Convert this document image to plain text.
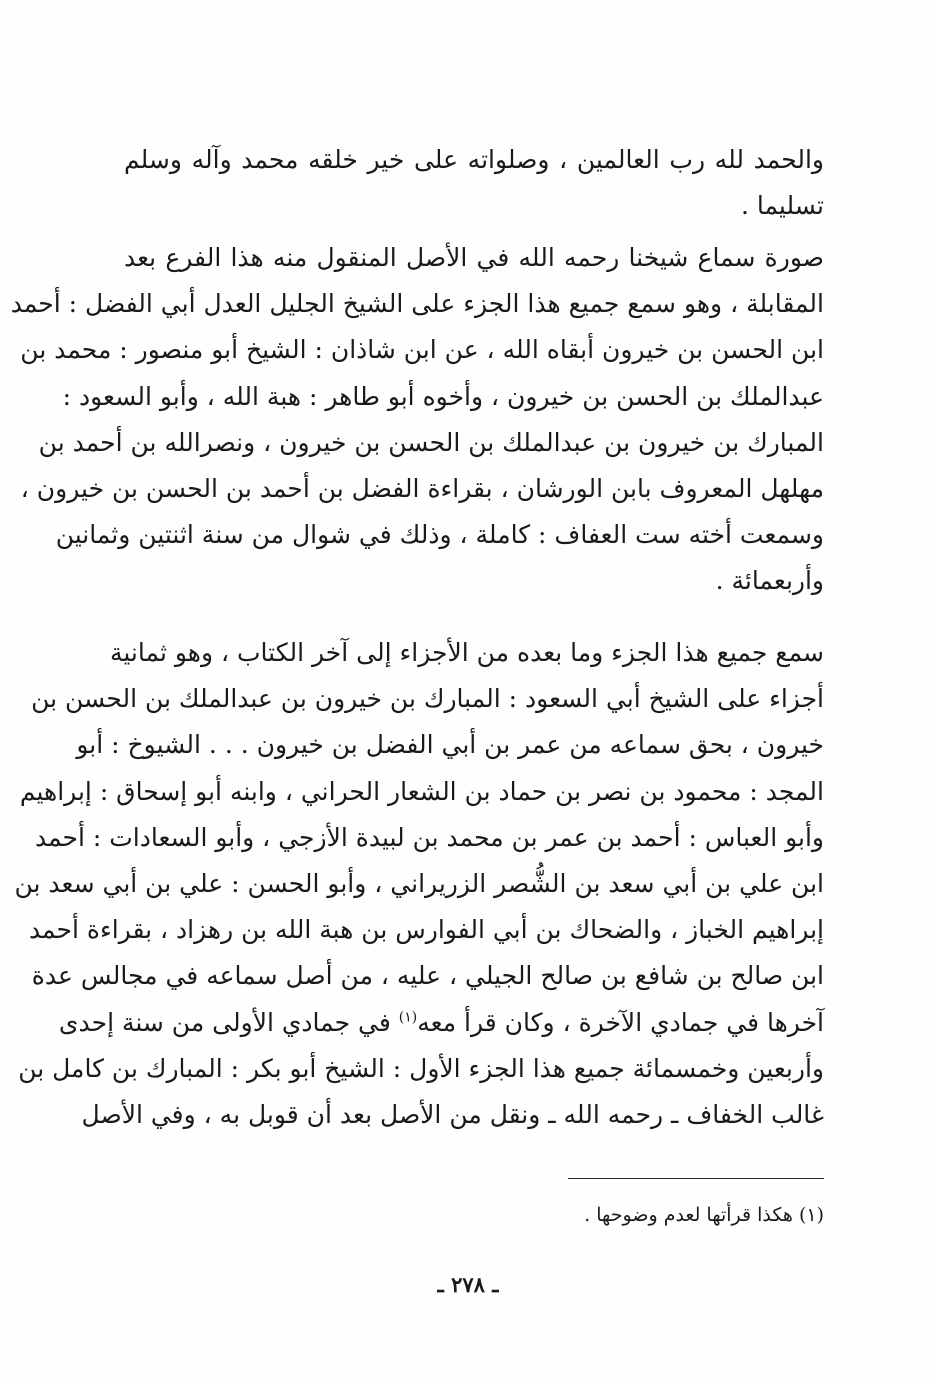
والحمد لله رب العالمين ، وصلواته على خير خلقه محمد وآله وسلم
تسليما .
صورة سماع شيخنا رحمه الله في الأصل المنقول منه هذا الفرع بعد
المقابلة ، وهو سمع جميع هذا الجزء على الشيخ الجليل العدل أبي الفضل : أحمد
ابن الحسن بن خيرون أبقاه الله ، عن ابن شاذان : الشيخ أبو منصور : محمد بن
عبدالملك بن الحسن بن خيرون ، وأخوه أبو طاهر : هبة الله ، وأبو السعود :
المبارك بن خيرون بن عبدالملك بن الحسن بن خيرون ، ونصرالله بن أحمد بن
مهلهل المعروف بابن الورشان ، بقراءة الفضل بن أحمد بن الحسن بن خيرون ،
وسمعت أخته ست العفاف : كاملة ، وذلك في شوال من سنة اثنتين وثمانين
وأربعمائة .
سمع جميع هذا الجزء وما بعده من الأجزاء إلى آخر الكتاب ، وهو ثمانية
أجزاء على الشيخ أبي السعود : المبارك بن خيرون بن عبدالملك بن الحسن بن
خيرون ، بحق سماعه من عمر بن أبي الفضل بن خيرون . . . الشيوخ : أبو
المجد : محمود بن نصر بن حماد بن الشعار الحراني ، وابنه أبو إسحاق : إبراهيم
وأبو العباس : أحمد بن عمر بن محمد بن لبيدة الأزجي ، وأبو السعادات : أحمد
ابن علي بن أبي سعد بن الشُّصر الزريراني ، وأبو الحسن : علي بن أبي سعد بن
إبراهيم الخباز ، والضحاك بن أبي الفوارس بن هبة الله بن رهزاد ، بقراءة أحمد
ابن صالح بن شافع بن صالح الجيلي ، عليه ، من أصل سماعه في مجالس عدة
آخرها في جمادي الآخرة ، وكان قرأ معه$^{(١)}$ في جمادي الأولى من سنة إحدى
وأربعين وخمسمائة جميع هذا الجزء الأول : الشيخ أبو بكر : المبارك بن كامل بن
غالب الخفاف ـ رحمه الله ـ ونقل من الأصل بعد أن قوبل به ، وفي الأصل
(١) هكذا قرأتها لعدم وضوحها .
ـ ٢٧٨ ـ
